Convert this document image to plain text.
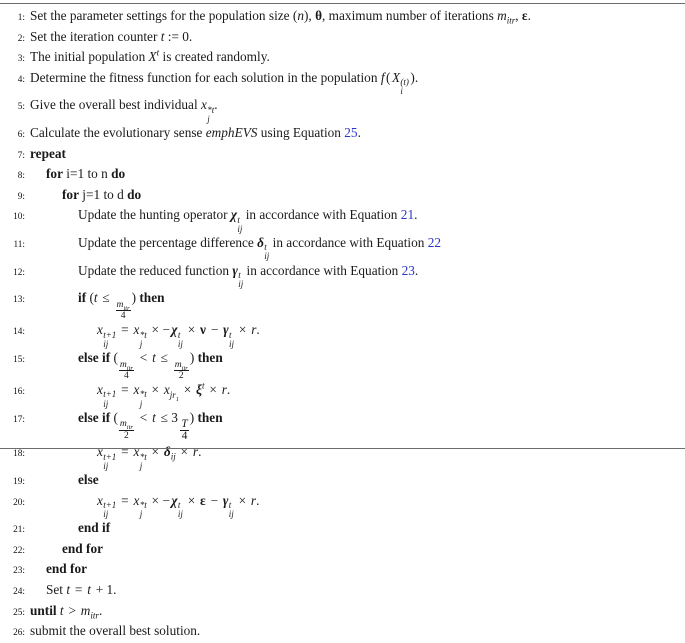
1: Set the parameter settings for the population size (n), θ, maximum number of iterations $m_{itr}$, ε.
2: Set the iteration counter t := 0.
3: The initial population $X^t$ is created randomly.
4: Determine the fitness function for each solution in the population f ( X (t)
i
).
5: Give the overall best individual x *t
j
.
6: Calculate the evolutionary sense emphEVS using Equation 25.
7: repeat
8:	for i=1 to n do
9:	for j=1 to d do
10:	Update the hunting operator χ t
ij
in accordance with Equation 21.
11:	Update the percentage difference δ t
ij
in accordance with Equation 22
12:	Update the reduced function γ t
ij
in accordance with Equation 23.
13:	if (t ≤
$\frac{m_{itr}}{4}$
) then
14:	x t+1
ij
= x *t
j
× − χ t
ij
× ν − γ t
ij
× r.
15:	else if (
$\frac{m_{itr}}{4}$
< t ≤
$\frac{m_{itr}}{2}$
) then
16:	x t+1
ij
= x *t
j
× $x_{jr_1} \times \xi^t \times r$.
17:	else if (
$\frac{m_{itr}}{2}$
< t ≤ 3
$\frac{T}{4}$
) then
18:	x t+1
ij
= x *t
j
× $\delta_{ij} \times r$.
19:	else
20:	x t+1
ij
= x *t
j
× − χ t
ij
× ε − γ t
ij
× r.
21:	end if
22:	end for
23:	end for
24:	Set t = t + 1.
25: until $t > m_{itr}$.
26: submit the overall best solution.
